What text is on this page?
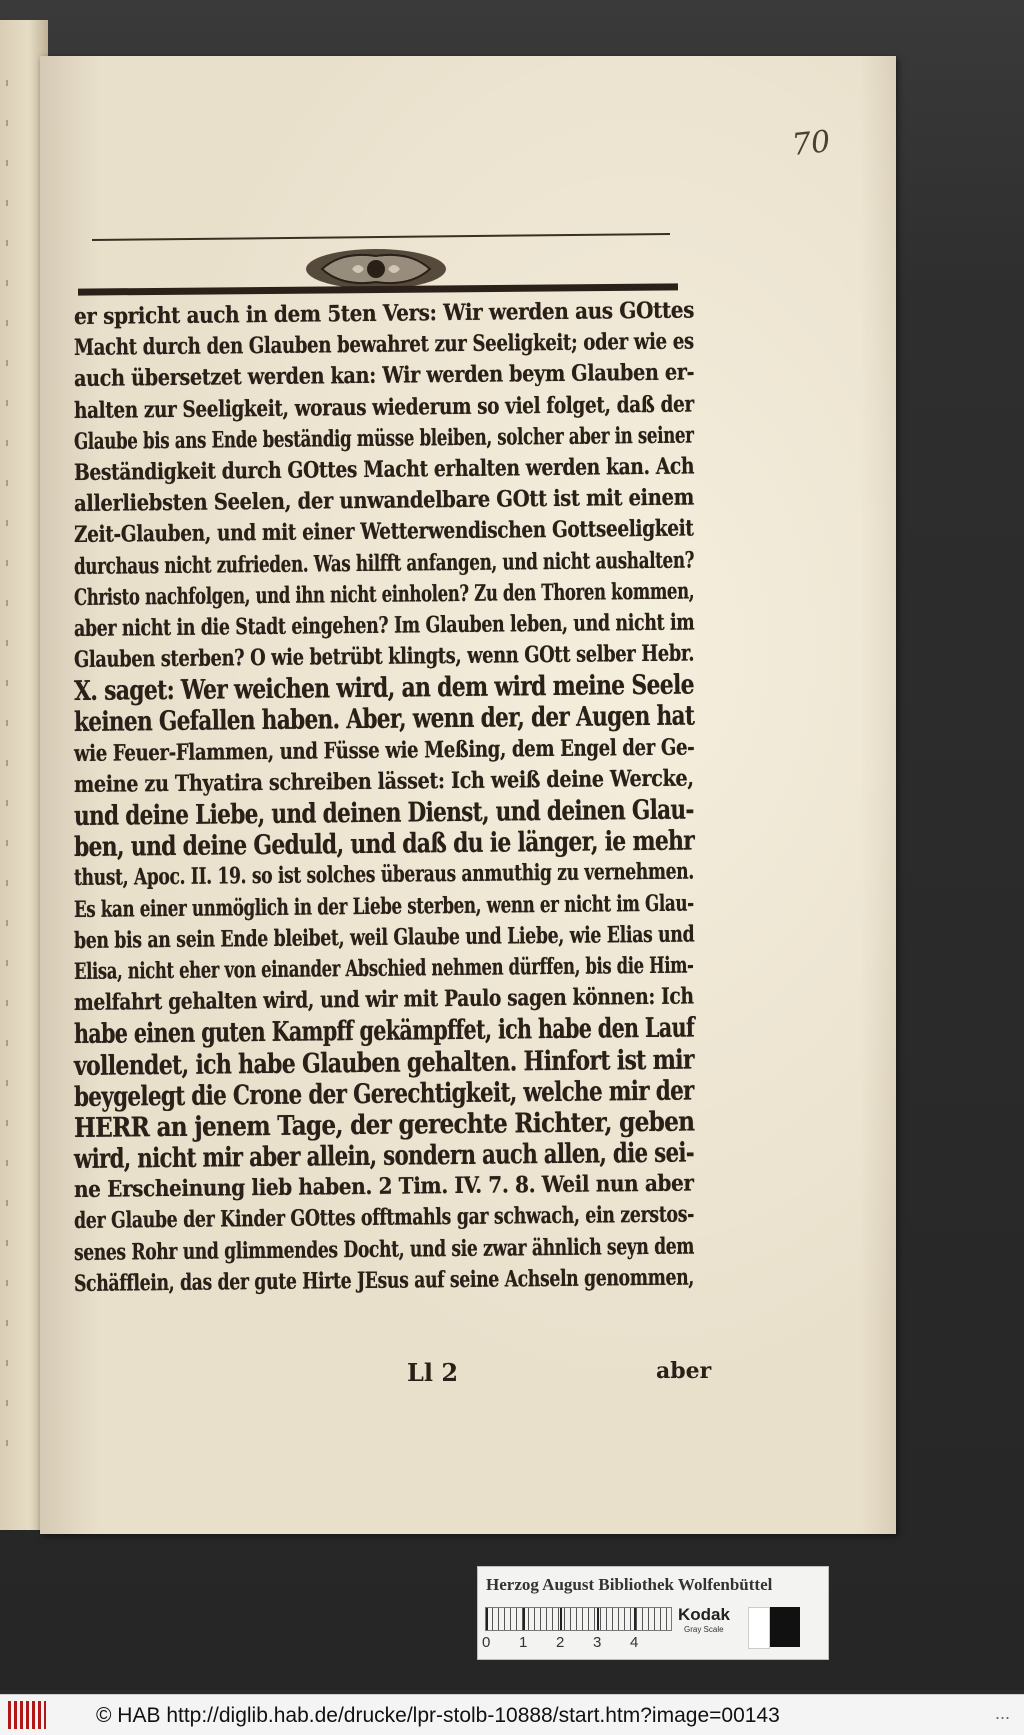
70
er spricht auch in dem 5ten Vers: Wir werden aus GOttes
Macht durch den Glauben bewahret zur Seeligkeit; oder wie es
auch übersetzet werden kan: Wir werden beym Glauben er-
halten zur Seeligkeit, woraus wiederum so viel folget, daß der
Glaube bis ans Ende beständig müsse bleiben, solcher aber in seiner
Beständigkeit durch GOttes Macht erhalten werden kan. Ach
allerliebsten Seelen, der unwandelbare GOtt ist mit einem
Zeit-Glauben, und mit einer Wetterwendischen Gottseeligkeit
durchaus nicht zufrieden. Was hilfft anfangen, und nicht aushalten?
Christo nachfolgen, und ihn nicht einholen? Zu den Thoren kommen,
aber nicht in die Stadt eingehen? Im Glauben leben, und nicht im
Glauben sterben? O wie betrübt klingts, wenn GOtt selber Hebr.
X. saget: Wer weichen wird, an dem wird meine Seele
keinen Gefallen haben. Aber, wenn der, der Augen hat
wie Feuer-Flammen, und Füsse wie Meßing, dem Engel der Ge-
meine zu Thyatira schreiben lässet: Ich weiß deine Wercke,
und deine Liebe, und deinen Dienst, und deinen Glau-
ben, und deine Geduld, und daß du ie länger, ie mehr
thust, Apoc. II. 19. so ist solches überaus anmuthig zu vernehmen.
Es kan einer unmöglich in der Liebe sterben, wenn er nicht im Glau-
ben bis an sein Ende bleibet, weil Glaube und Liebe, wie Elias und
Elisa, nicht eher von einander Abschied nehmen dürffen, bis die Him-
melfahrt gehalten wird, und wir mit Paulo sagen können: Ich
habe einen guten Kampff gekämpffet, ich habe den Lauf
vollendet, ich habe Glauben gehalten. Hinfort ist mir
beygelegt die Crone der Gerechtigkeit, welche mir der
HERR an jenem Tage, der gerechte Richter, geben
wird, nicht mir aber allein, sondern auch allen, die sei-
ne Erscheinung lieb haben. 2 Tim. IV. 7. 8. Weil nun aber
der Glaube der Kinder GOttes offtmahls gar schwach, ein zerstos-
senes Rohr und glimmendes Docht, und sie zwar ähnlich seyn dem
Schäfflein, das der gute Hirte JEsus auf seine Achseln genommen,
Ll 2	aber
Herzog August Bibliothek Wolfenbüttel
0 1 2 3 4
Kodak
Gray Scale
© HAB http://diglib.hab.de/drucke/lpr-stolb-10888/start.htm?image=00143	...
